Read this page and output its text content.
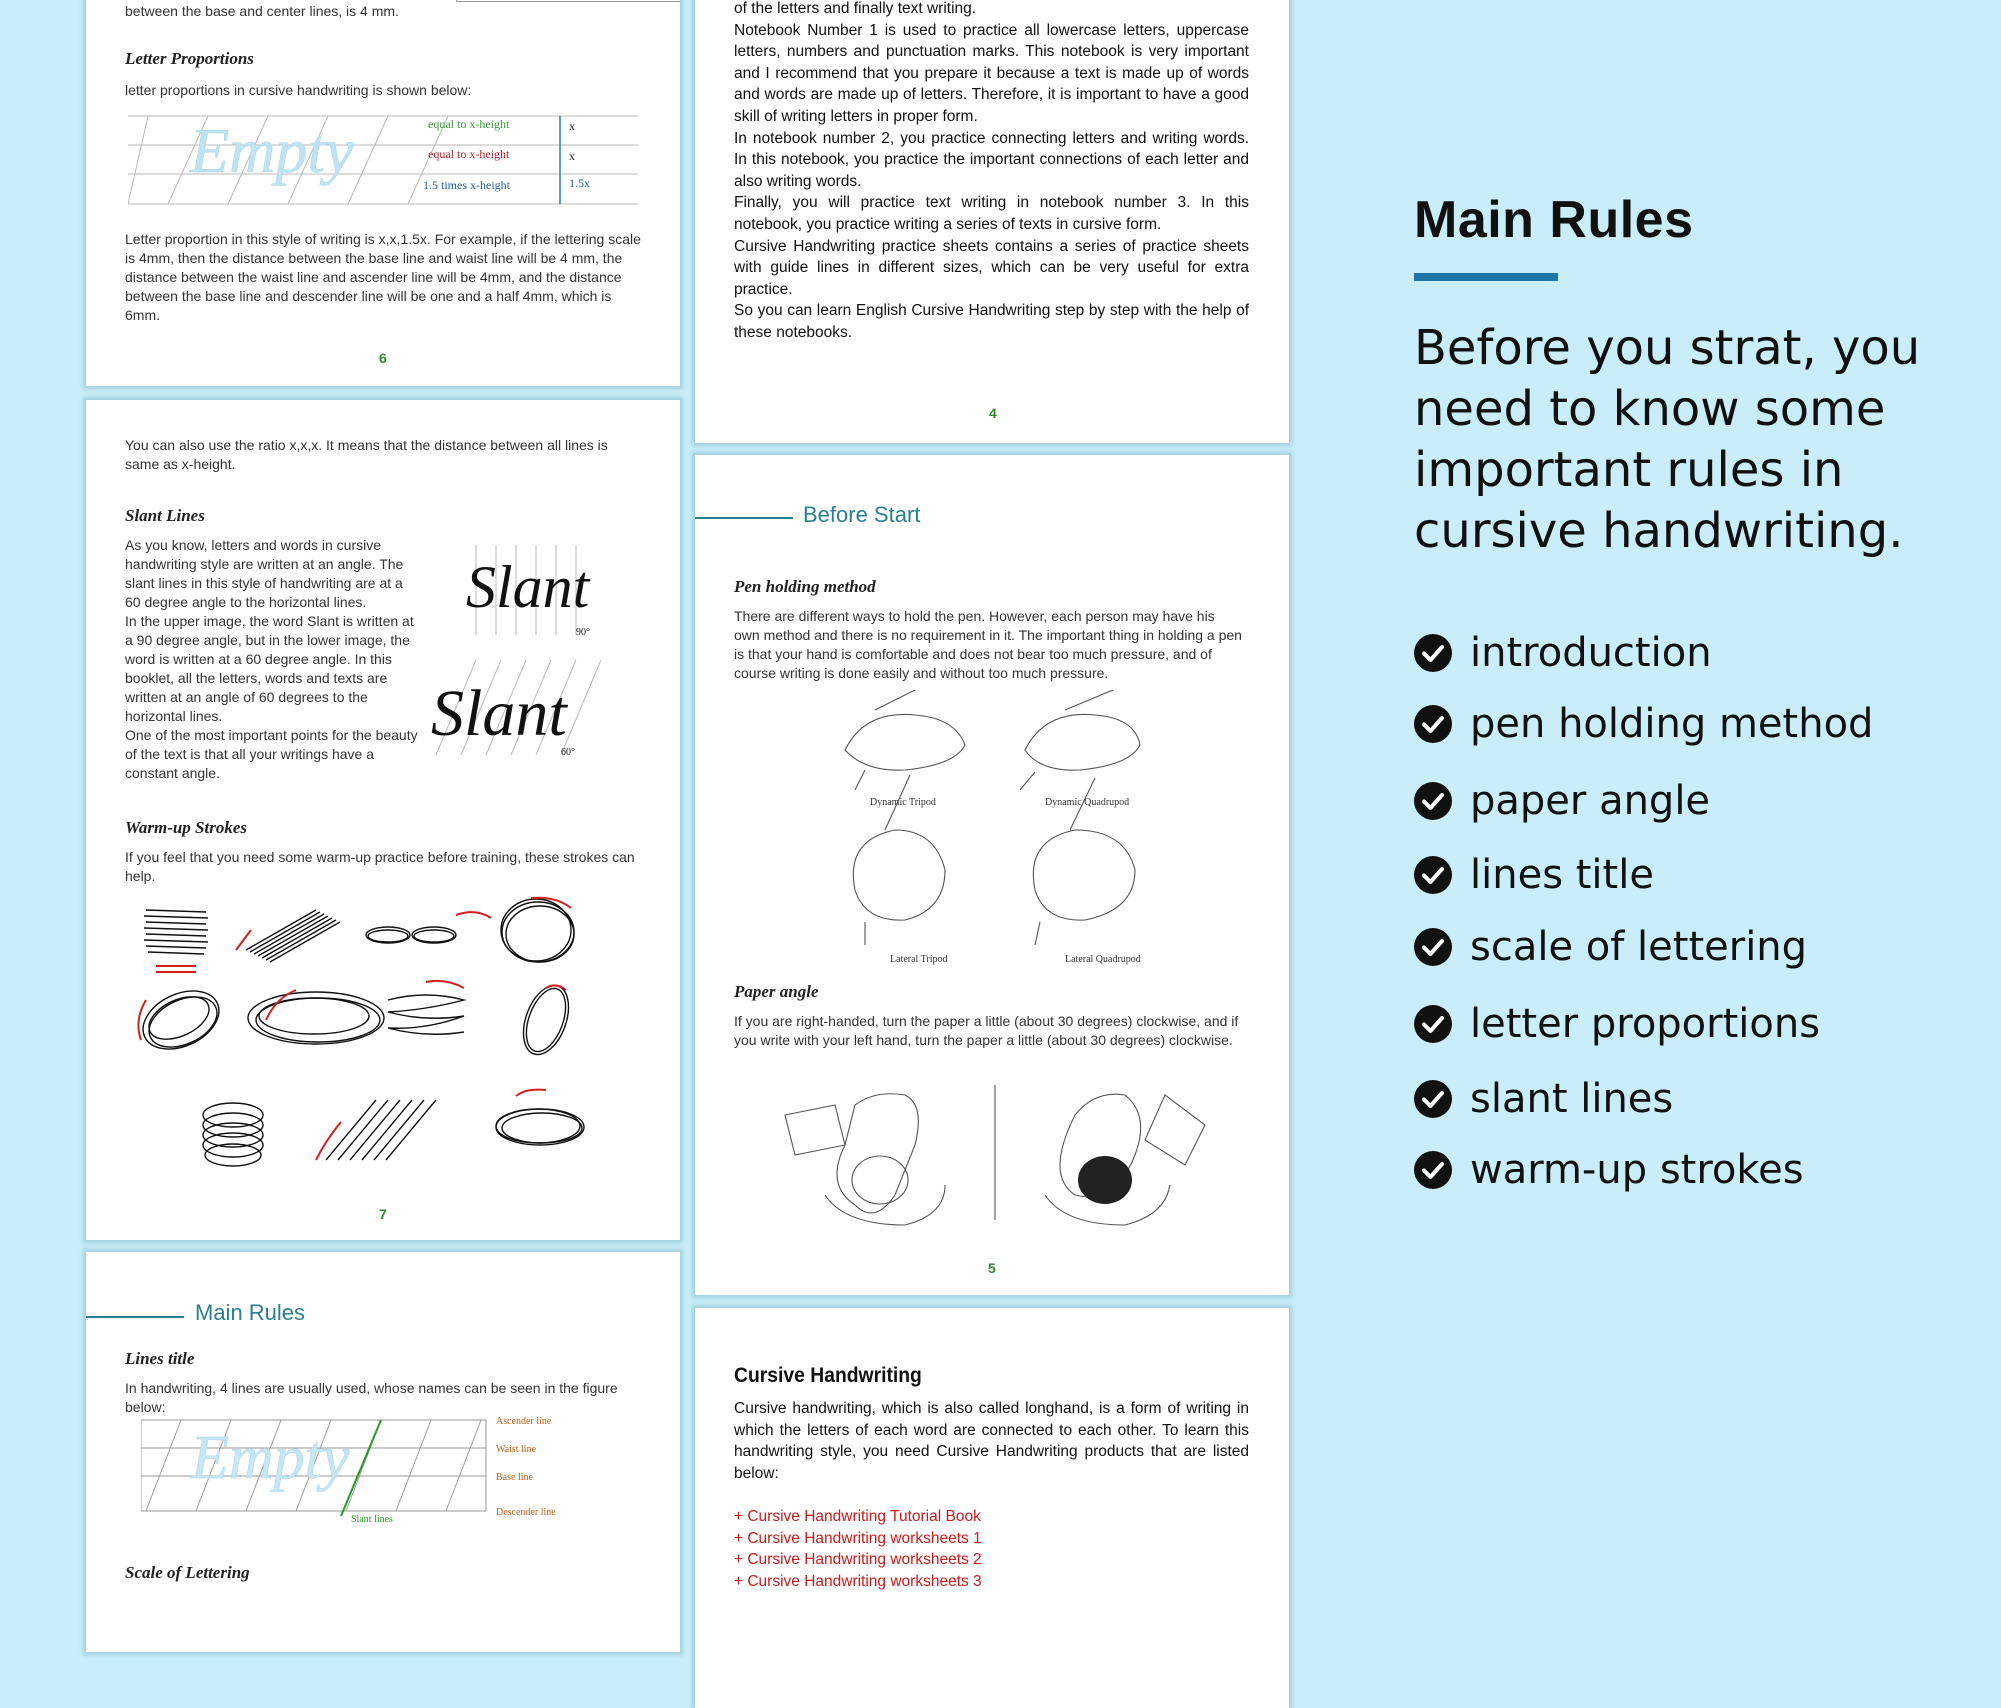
between the base and center lines, is 4 mm.
Letter Proportions
letter proportions in cursive handwriting is shown below:
Empty	equal to x-height
equal to x-height
1.5 times x-height
x
x
1.5x
Letter proportion in this style of writing is x,x,1.5x. For example, if the lettering scale is 4mm, then the distance between the base line and waist line will be 4 mm, the distance between the waist line and ascender line will be 4mm, and the distance between the base line and descender line will be one and a half 4mm, which is 6mm.
6
of the letters and finally text writing.
Notebook Number 1 is used to practice all lowercase letters, uppercase letters, numbers and punctuation marks. This notebook is very important and I recommend that you prepare it because a text is made up of words and words are made up of letters. Therefore, it is important to have a good skill of writing letters in proper form.
In notebook number 2, you practice connecting letters and writing words. In this notebook, you practice the important connections of each letter and also writing words.
Finally, you will practice text writing in notebook number 3. In this notebook, you practice writing a series of texts in cursive form.
Cursive Handwriting practice sheets contains a series of practice sheets with guide lines in different sizes, which can be very useful for extra practice.
So you can learn English Cursive Handwriting step by step with the help of these notebooks.
4
You can also use the ratio x,x,x. It means that the distance between all lines is same as x-height.
Slant Lines
As you know, letters and words in cursive handwriting style are written at an angle. The slant lines in this style of handwriting are at a 60 degree angle to the horizontal lines.
In the upper image, the word Slant is written at a 90 degree angle, but in the lower image, the word is written at a 60 degree angle. In this booklet, all the letters, words and texts are written at an angle of 60 degrees to the horizontal lines.
One of the most important points for the beauty of the text is that all your writings have a constant angle.
Slant
90°
Slant
60°
Warm-up Strokes
If you feel that you need some warm-up practice before training, these strokes can help.
7
Before Start
Pen holding method
There are different ways to hold the pen. However, each person may have his own method and there is no requirement in it. The important thing in holding a pen is that your hand is comfortable and does not bear too much pressure, and of course writing is done easily and without too much pressure.
Dynamic Tripod	Dynamic Quadrupod
Lateral Tripod	Lateral Quadrupod
Paper angle
If you are right-handed, turn the paper a little (about 30 degrees) clockwise, and if you write with your left hand, turn the paper a little (about 30 degrees) clockwise.
5
Main Rules
Lines title
In handwriting, 4 lines are usually used, whose names can be seen in the figure below:
Empty
Ascender line
Waist line
Base line
Descender line
Slant lines
Scale of Lettering
Cursive Handwriting
Cursive handwriting, which is also called longhand, is a form of writing in which the letters of each word are connected to each other. To learn this handwriting style, you need Cursive Handwriting products that are listed below:
+ Cursive Handwriting Tutorial Book
+ Cursive Handwriting worksheets 1
+ Cursive Handwriting worksheets 2
+ Cursive Handwriting worksheets 3
Main Rules
Before you strat, you need to know some important rules in cursive handwriting.
introduction
pen holding method
paper angle
lines title
scale of lettering
letter proportions
slant lines
warm-up strokes
